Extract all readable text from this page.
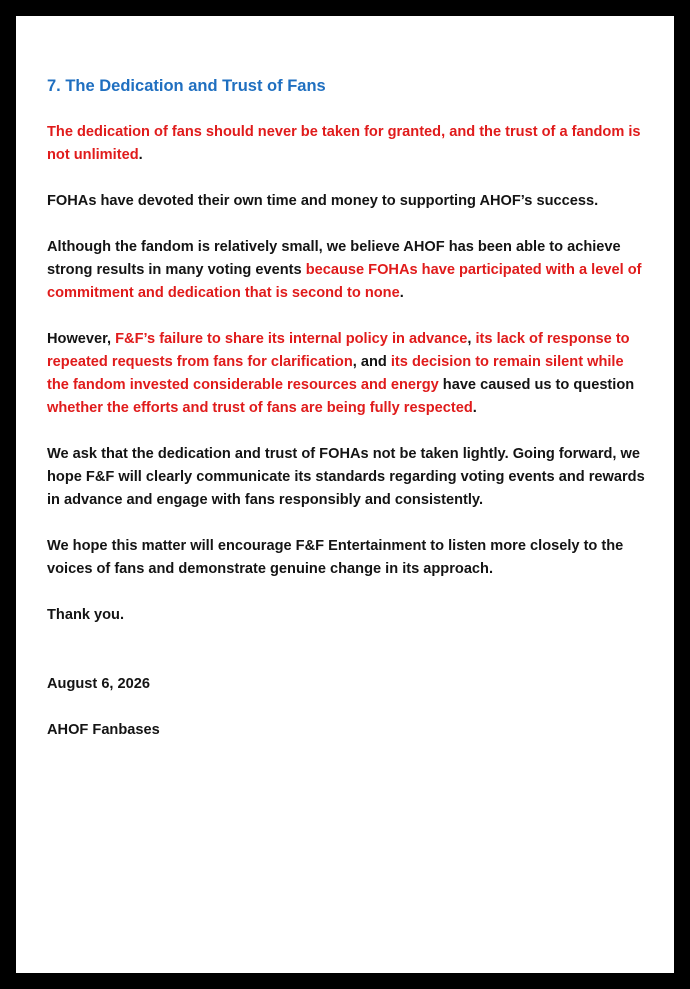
7. The Dedication and Trust of Fans

The dedication of fans should never be taken for granted, and the trust of a fandom is not unlimited.

FOHAs have devoted their own time and money to supporting AHOF’s success.

Although the fandom is relatively small, we believe AHOF has been able to achieve strong results in many voting events because FOHAs have participated with a level of commitment and dedication that is second to none.

However, F&F’s failure to share its internal policy in advance, its lack of response to repeated requests from fans for clarification, and its decision to remain silent while the fandom invested considerable resources and energy have caused us to question whether the efforts and trust of fans are being fully respected.

We ask that the dedication and trust of FOHAs not be taken lightly. Going forward, we hope F&F will clearly communicate its standards regarding voting events and rewards in advance and engage with fans responsibly and consistently.

We hope this matter will encourage F&F Entertainment to listen more closely to the voices of fans and demonstrate genuine change in its approach.

Thank you.

August 6, 2026

AHOF Fanbases
